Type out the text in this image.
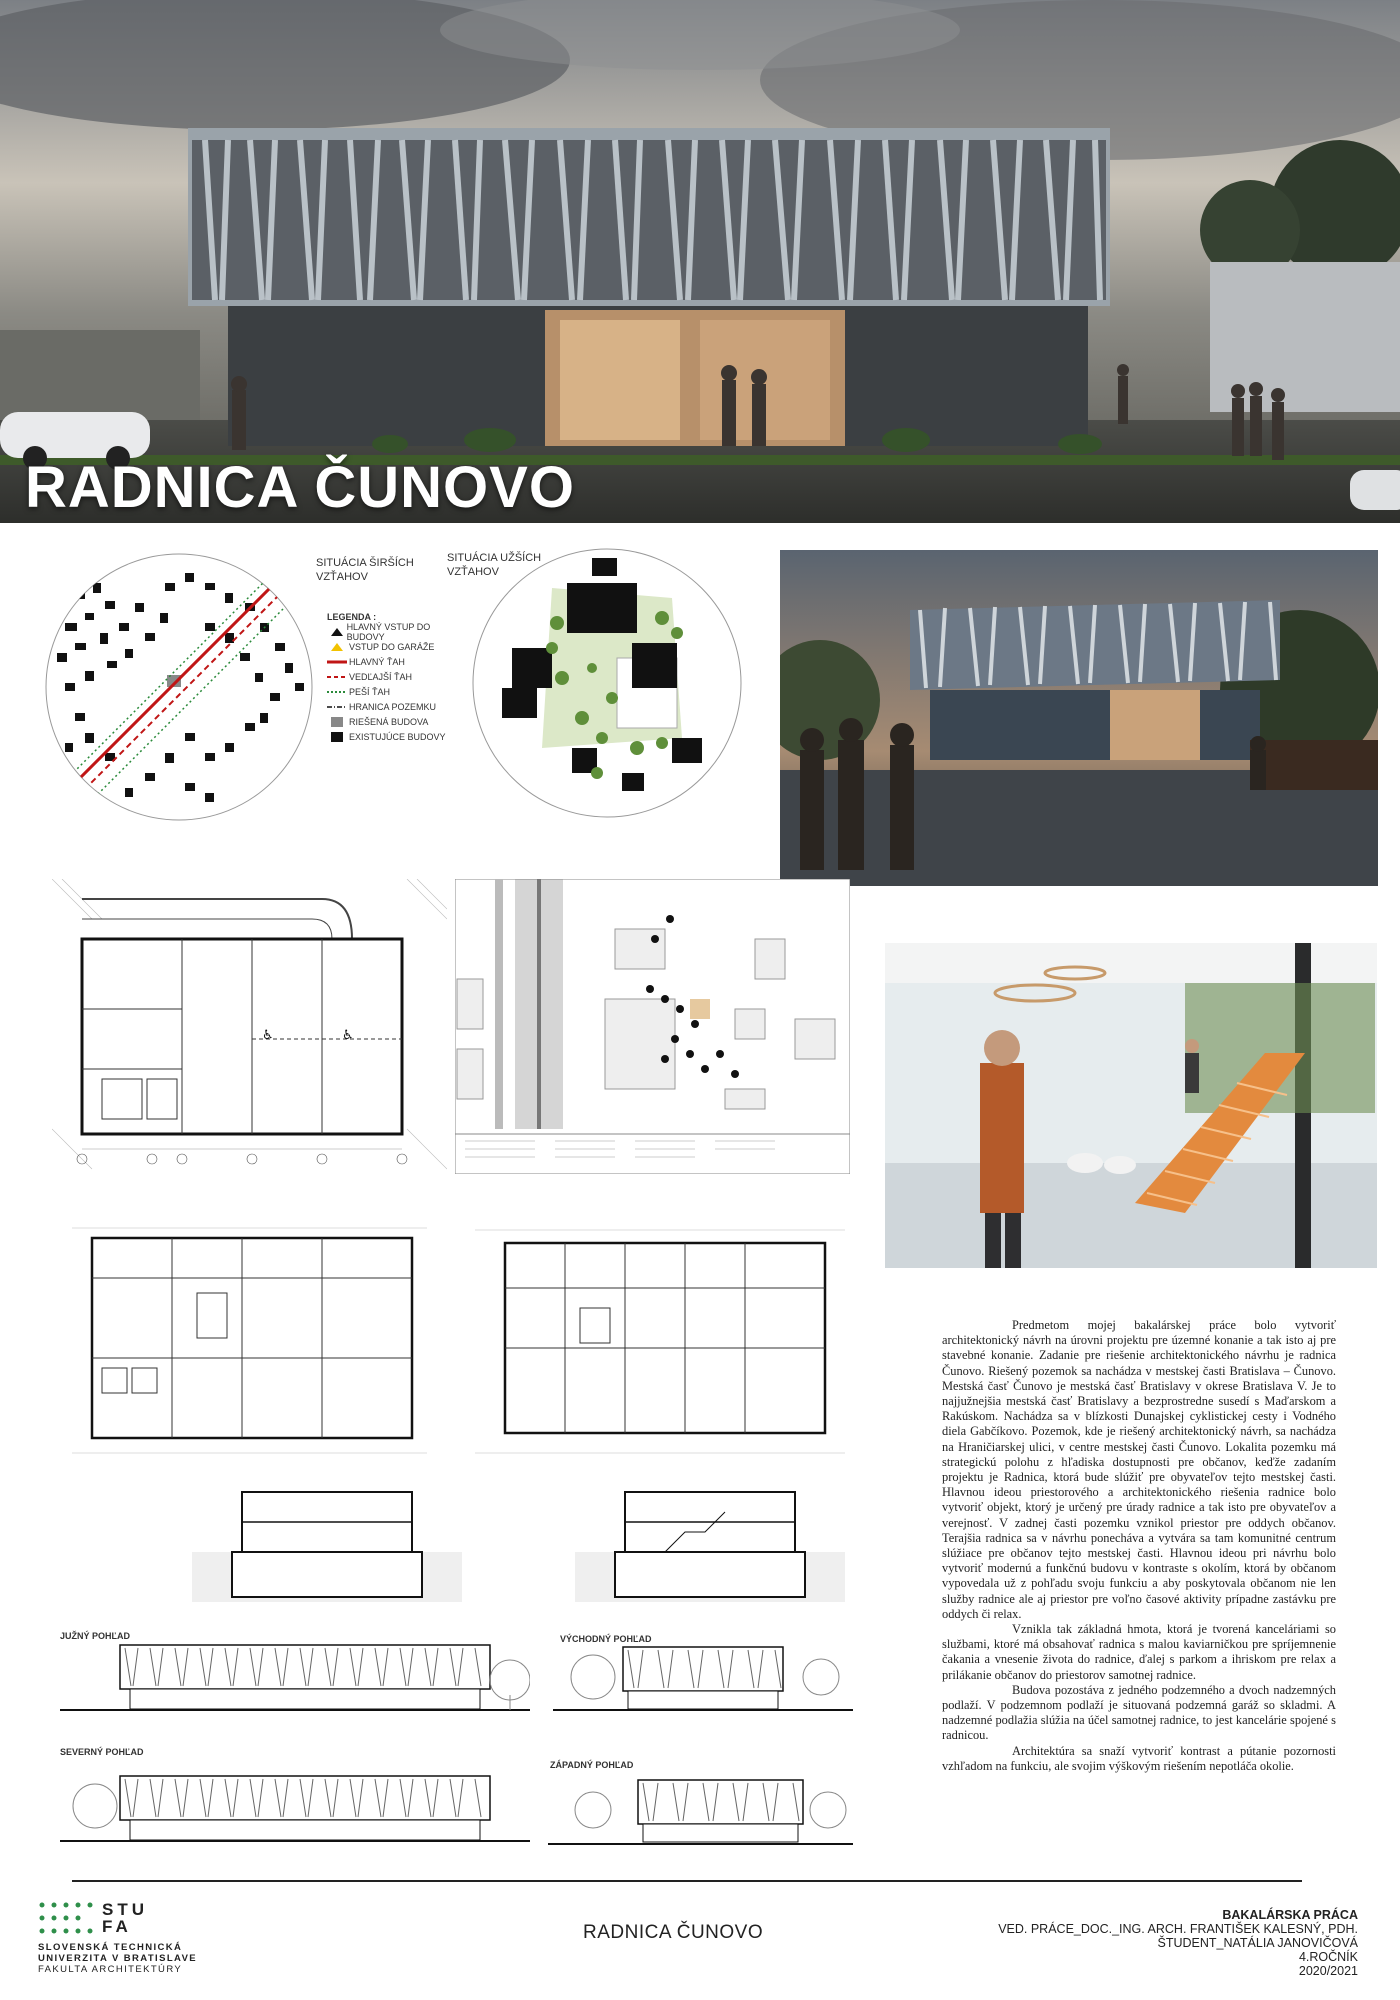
RADNICA ČUNOVO
SITUÁCIA ŠIRŠÍCH VZŤAHOV
LEGENDA :
HLAVNÝ VSTUP DO BUDOVY
VSTUP DO GARÁŽE
HLAVNÝ ŤAH
VEDĽAJŠÍ ŤAH
PEŠÍ ŤAH
HRANICA POZEMKU
RIEŠENÁ BUDOVA
EXISTUJÚCE BUDOVY
SITUÁCIA UŽŠÍCH VZŤAHOV
♿	♿
JUŽNÝ POHĽAD	VÝCHODNÝ POHĽAD
SEVERNÝ POHĽAD
ZÁPADNÝ POHĽAD

Predmetom mojej bakalárskej práce bolo vytvoriť architektonický návrh na úrovni projektu pre územné konanie a tak isto aj pre stavebné konanie. Zadanie pre riešenie architektonického návrhu je radnica Čunovo. Riešený pozemok sa nachádza v mestskej časti Bratislava – Čunovo. Mestská časť Čunovo je mestská časť Bratislavy v okrese Bratislava V. Je to najjužnejšia mestská časť Bratislavy a bezprostredne susedí s Maďarskom a Rakúskom. Nachádza sa v blízkosti Dunajskej cyklistickej cesty i Vodného diela Gabčíkovo. Pozemok, kde je riešený architektonický návrh, sa nachádza na Hraničiarskej ulici, v centre mestskej časti Čunovo. Lokalita pozemku má strategickú polohu z hľadiska dostupnosti pre občanov, keďže zadaním projektu je Radnica, ktorá bude slúžiť pre obyvateľov tejto mestskej časti. Hlavnou ideou priestorového a architektonického riešenia radnice bolo vytvoriť objekt, ktorý je určený pre úrady radnice a tak isto pre obyvateľov a verejnosť. V zadnej časti pozemku vznikol priestor pre oddych občanov. Terajšia radnica sa v návrhu ponecháva a vytvára sa tam komunitné centrum slúžiace pre občanov tejto mestskej časti. Hlavnou ideou pri návrhu bolo vytvoriť modernú a funkčnú budovu v kontraste s okolím, ktorá by občanom vypovedala už z pohľadu svoju funkciu a aby poskytovala občanom nie len služby radnice ale aj priestor pre voľno časové aktivity prípadne zastávku pre oddych či relax.

Vznikla tak základná hmota, ktorá je tvorená kanceláriami so službami, ktoré má obsahovať radnica s malou kaviarničkou pre spríjemnenie čakania a vnesenie života do radnice, ďalej s parkom a ihriskom pre relax a prilákanie občanov do priestorov samotnej radnice.

Budova pozostáva z jedného podzemného a dvoch nadzemných podlaží. V podzemnom podlaží je situovaná podzemná garáž so skladmi. A nadzemné podlažia slúžia na účel samotnej radnice, to jest kancelárie spojené s radnicou.

Architektúra sa snaží vytvoriť kontrast a pútanie pozornosti vzhľadom na funkciu, ale svojim výškovým riešením nepotláča okolie.

STU
FA
SLOVENSKÁ TECHNICKÁ
UNIVERZITA V BRATISLAVE
FAKULTA ARCHITEKTÚRY
RADNICA ČUNOVO
BAKALÁRSKA PRÁCA
VED. PRÁCE_DOC._ING. ARCH. FRANTIŠEK KALESNÝ, PDH.
ŠTUDENT_NATÁLIA JANOVIČOVÁ
4.ROČNÍK
2020/2021
